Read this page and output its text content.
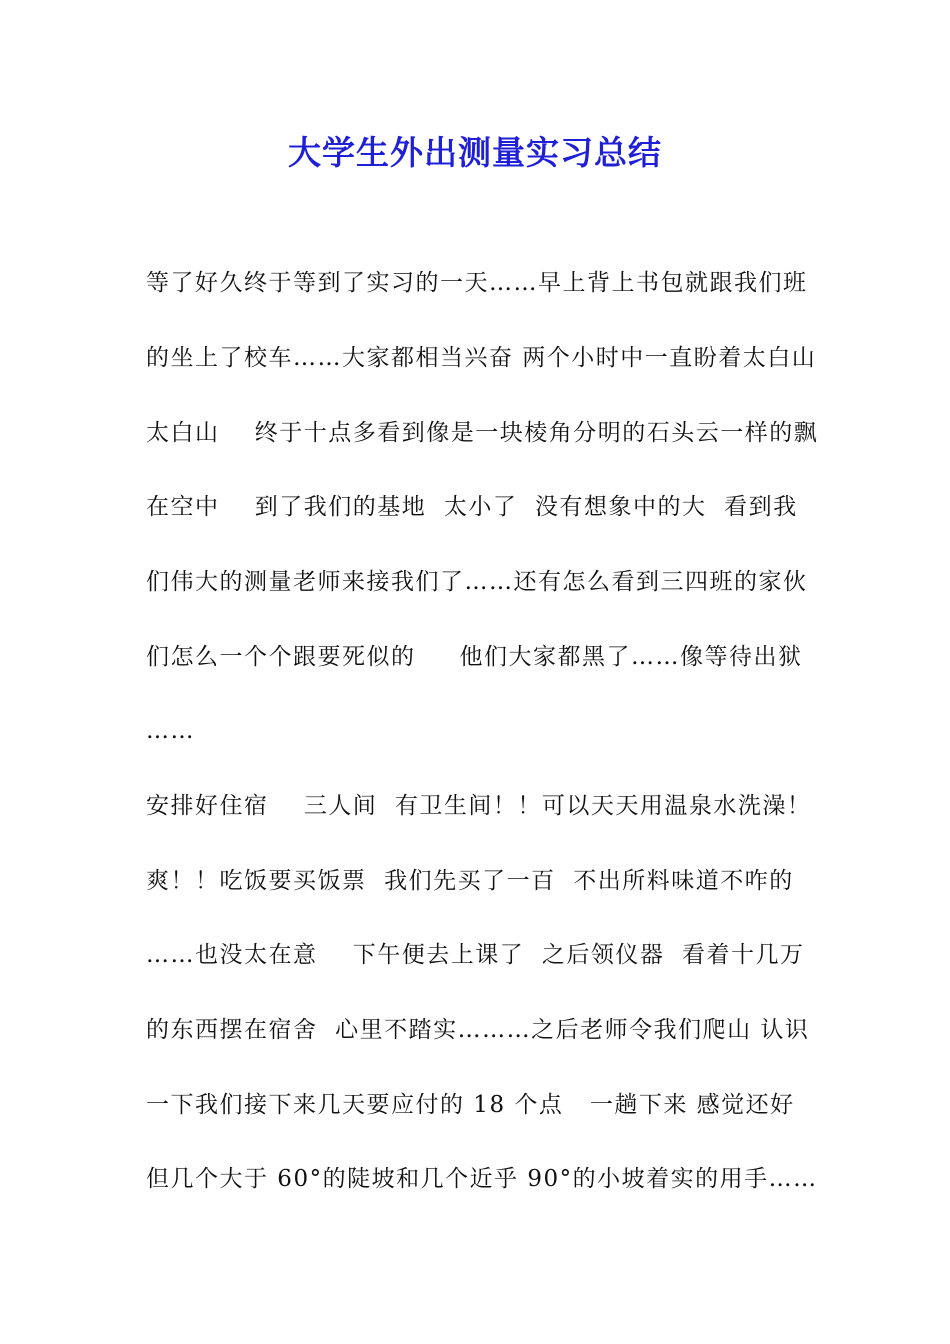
大学生外出测量实习总结
等了好久终于等到了实习的一天……早上背上书包就跟我们班
的坐上了校车……大家都相当兴奋 两个小时中一直盼着太白山
太白山    终于十点多看到像是一块棱角分明的石头云一样的飘
在空中    到了我们的基地  太小了  没有想象中的大  看到我
们伟大的测量老师来接我们了……还有怎么看到三四班的家伙
们怎么一个个跟要死似的     他们大家都黑了……像等待出狱
……
安排好住宿    三人间  有卫生间！！可以天天用温泉水洗澡！
爽！！吃饭要买饭票  我们先买了一百  不出所料味道不咋的
……也没太在意    下午便去上课了  之后领仪器  看着十几万
的东西摆在宿舍  心里不踏实………之后老师令我们爬山 认识
一下我们接下来几天要应付的 18 个点   一趟下来 感觉还好
但几个大于 60°的陡坡和几个近乎 90°的小坡着实的用手……
